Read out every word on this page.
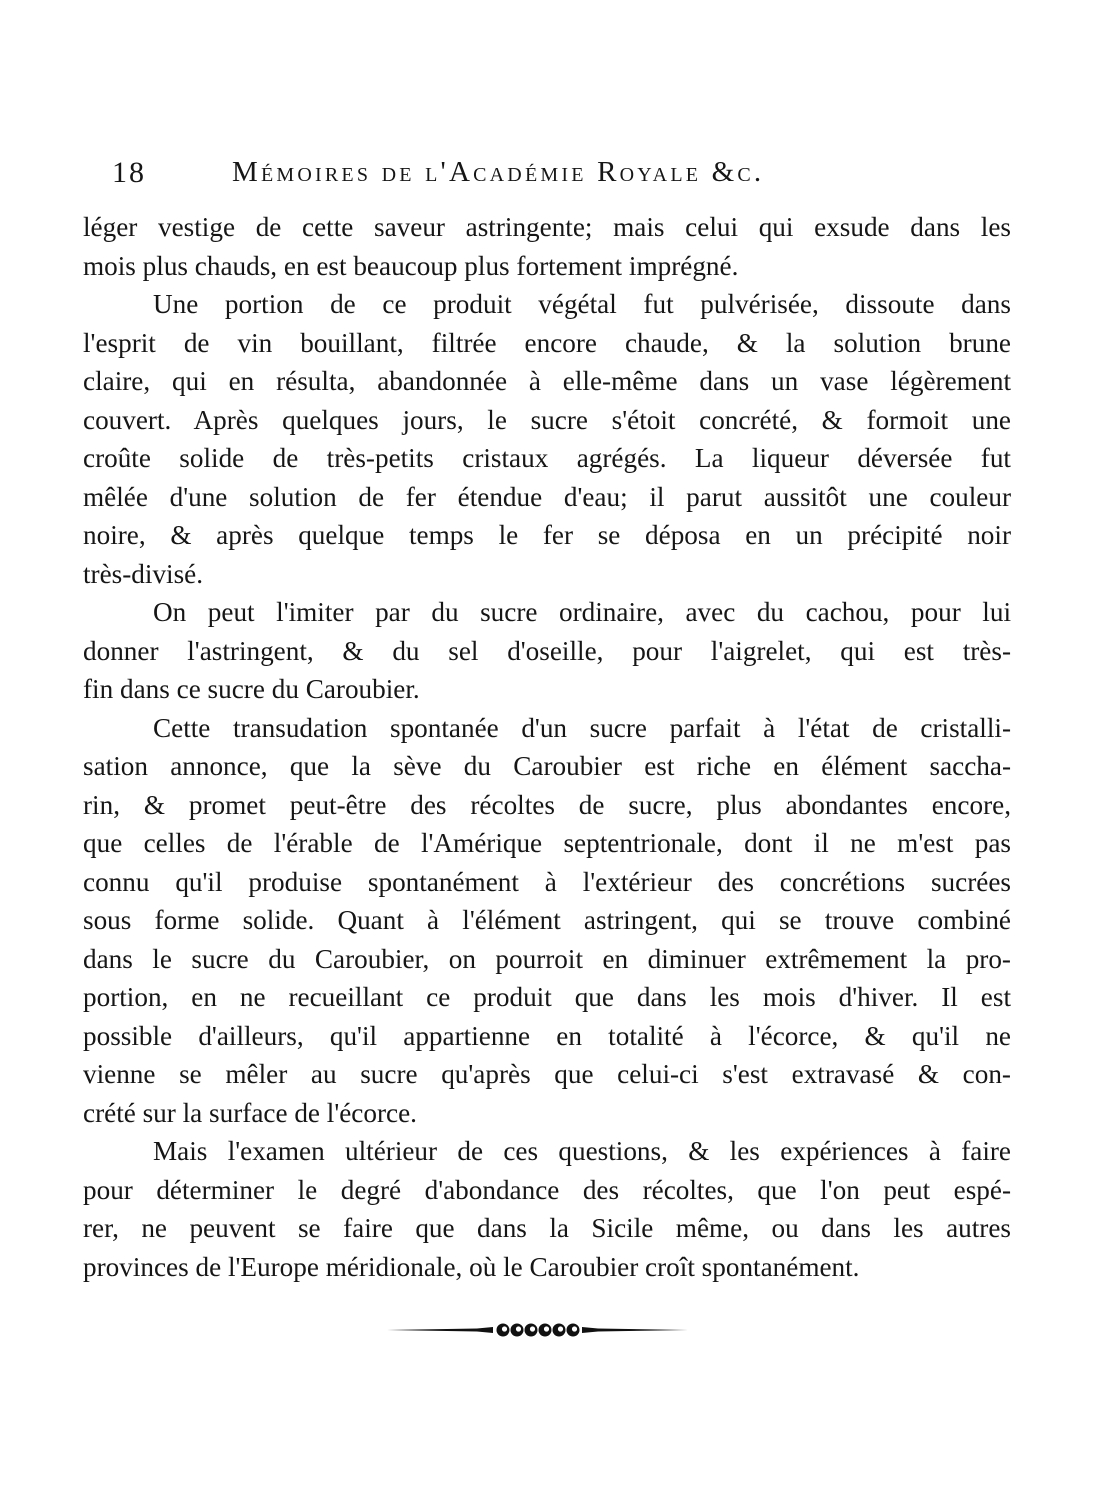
18	Mémoires de l'Académie Royale &c.
léger vestige de cette saveur astringente; mais celui qui exsude dans les
mois plus chauds, en est beaucoup plus fortement imprégné.
Une portion de ce produit végétal fut pulvérisée, dissoute dans
l'esprit de vin bouillant, filtrée encore chaude, & la solution brune
claire, qui en résulta, abandonnée à elle-même dans un vase légèrement
couvert. Après quelques jours, le sucre s'étoit concrété, & formoit une
croûte solide de très-petits cristaux agrégés. La liqueur déversée fut
mêlée d'une solution de fer étendue d'eau; il parut aussitôt une couleur
noire, & après quelque temps le fer se déposa en un précipité noir
très-divisé.
On peut l'imiter par du sucre ordinaire, avec du cachou, pour lui
donner l'astringent, & du sel d'oseille, pour l'aigrelet, qui est très-
fin dans ce sucre du Caroubier.
Cette transudation spontanée d'un sucre parfait à l'état de cristalli-
sation annonce, que la sève du Caroubier est riche en élément saccha-
rin, & promet peut-être des récoltes de sucre, plus abondantes encore,
que celles de l'érable de l'Amérique septentrionale, dont il ne m'est pas
connu qu'il produise spontanément à l'extérieur des concrétions sucrées
sous forme solide. Quant à l'élément astringent, qui se trouve combiné
dans le sucre du Caroubier, on pourroit en diminuer extrêmement la pro-
portion, en ne recueillant ce produit que dans les mois d'hiver. Il est
possible d'ailleurs, qu'il appartienne en totalité à l'écorce, & qu'il ne
vienne se mêler au sucre qu'après que celui-ci s'est extravasé & con-
crété sur la surface de l'écorce.
Mais l'examen ultérieur de ces questions, & les expériences à faire
pour déterminer le degré d'abondance des récoltes, que l'on peut espé-
rer, ne peuvent se faire que dans la Sicile même, ou dans les autres
provinces de l'Europe méridionale, où le Caroubier croît spontanément.
